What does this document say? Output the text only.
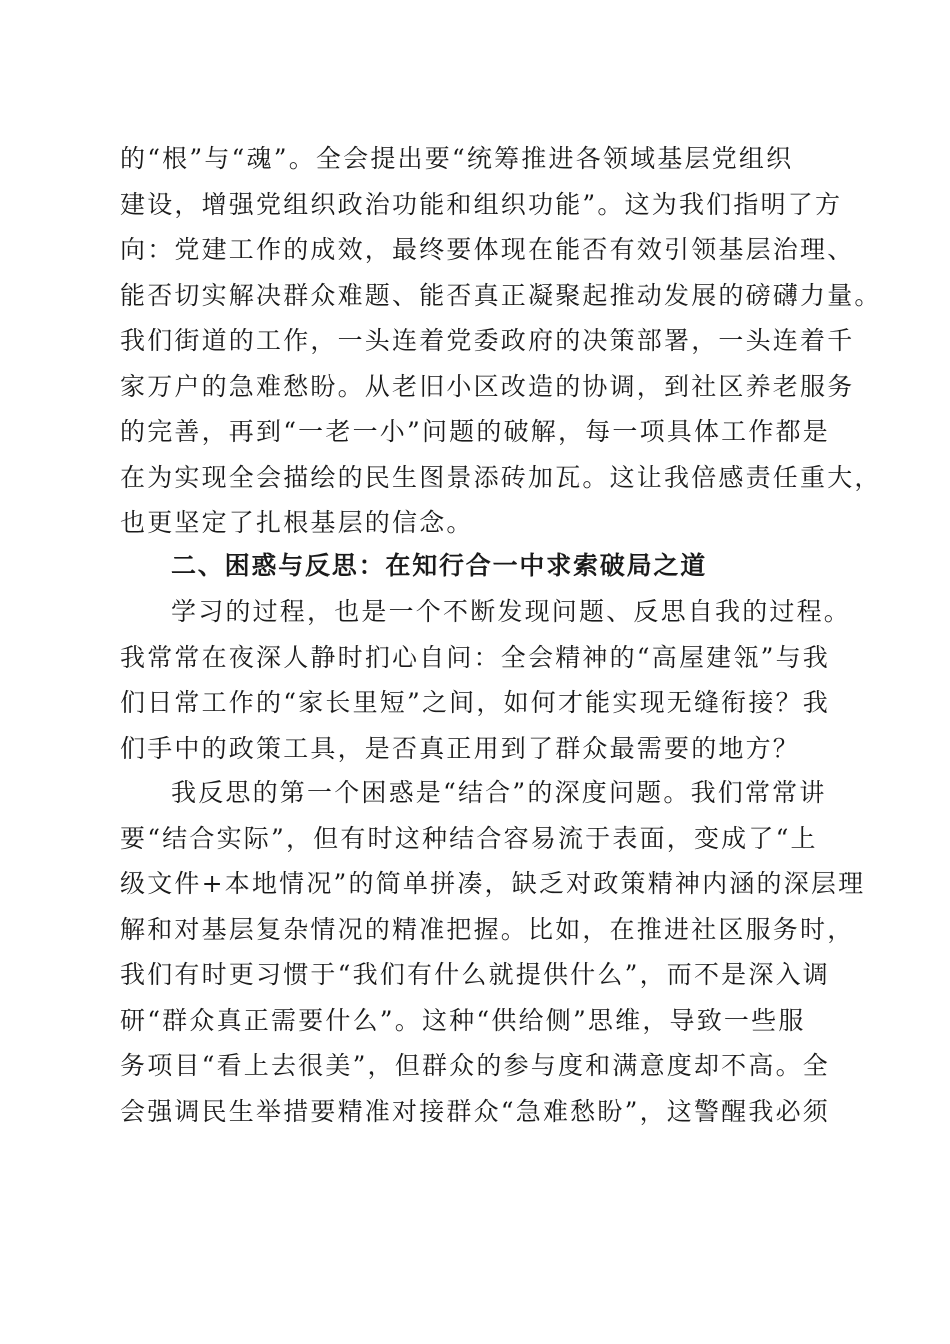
的“根”与“魂”。全会提出要“统筹推进各领域基层党组织
建设，增强党组织政治功能和组织功能”。这为我们指明了方
向：党建工作的成效，最终要体现在能否有效引领基层治理、
能否切实解决群众难题、能否真正凝聚起推动发展的磅礴力量。
我们街道的工作，一头连着党委政府的决策部署，一头连着千
家万户的急难愁盼。从老旧小区改造的协调，到社区养老服务
的完善，再到“一老一小”问题的破解，每一项具体工作都是
在为实现全会描绘的民生图景添砖加瓦。这让我倍感责任重大，
也更坚定了扎根基层的信念。
二、困惑与反思：在知行合一中求索破局之道
学习的过程，也是一个不断发现问题、反思自我的过程。
我常常在夜深人静时扪心自问：全会精神的“高屋建瓴”与我
们日常工作的“家长里短”之间，如何才能实现无缝衔接？我
们手中的政策工具，是否真正用到了群众最需要的地方？
我反思的第一个困惑是“结合”的深度问题。我们常常讲
要“结合实际”，但有时这种结合容易流于表面，变成了“上
级文件+本地情况”的简单拼凑，缺乏对政策精神内涵的深层理
解和对基层复杂情况的精准把握。比如，在推进社区服务时，
我们有时更习惯于“我们有什么就提供什么”，而不是深入调
研“群众真正需要什么”。这种“供给侧”思维，导致一些服
务项目“看上去很美”，但群众的参与度和满意度却不高。全
会强调民生举措要精准对接群众“急难愁盼”，这警醒我必须
